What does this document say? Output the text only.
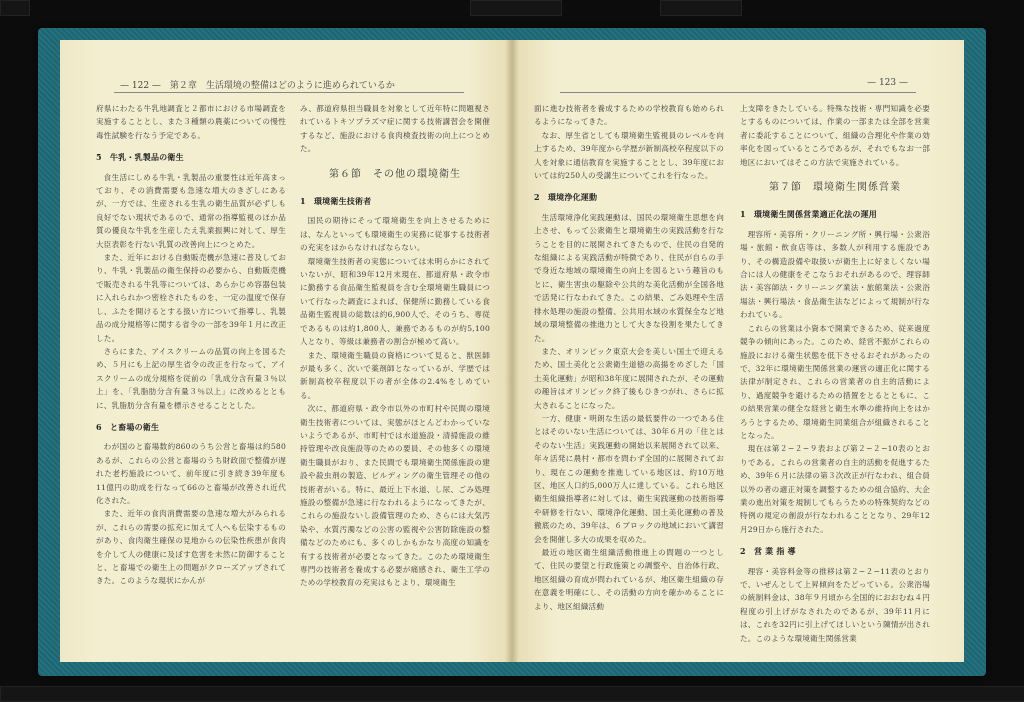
— 122 —　第２章　生活環境の整備はどのように進められているか

府県にわたる牛乳地調査と２都市における市場調査を実施することとし、また３種類の農薬についての慢性毒性試験を行なう予定である。

5　牛乳・乳製品の衛生

食生活にしめる牛乳・乳製品の重要性は近年高まっており、その消費需要も急速な増大のきざしにあるが、一方では、生産される生乳の衛生品質が必ずしも良好でない現状であるので、通常の指導監視のほか品質の優良な牛乳を生産したえ乳業振興に対して、厚生大臣表彰を行ない乳質の改善向上につとめた。

また、近年における自動販売機が急速に普及しており、牛乳・乳製品の衛生保持の必要から、自動販売機で販売される牛乳等については、あらかじめ容器包装に入れられかつ密栓されたものを、一定の温度で保存し、ふたを開けるとする扱い方について指導し、乳製品の成分規格等に関する省令の一部を39年１月に改正した。

さらにまた、アイスクリームの品質の向上を図るため、５月にも上記の厚生省令の改正を行なって、アイスクリームの成分規格を従前の「乳成分含有量３％以上」を、「乳脂肪分含有量３％以上」に改めるとともに、乳脂肪分含有量を標示させることとした。

6　と畜場の衛生

わが国のと畜場数約860のうち公営と畜場は約580あるが、これらの公営と畜場のうち財政面で整備が遅れた老朽施設について、前年度に引き続き39年度も11億円の助成を行なって66のと畜場が改善され近代化された。

また、近年の食肉消費需要の急速な増大がみられるが、これらの需要の拡充に加えて人へも伝染するものがあり、食肉衛生確保の見地からの伝染性疾患が食肉を介して人の健康に及ぼす危害を未然に防御することと、と畜場での衛生上の問題がクローズアップされてきた。このような現状にかんが

み、都道府県担当職員を対象として近年特に問題視されているトキソプラズマ症に関する技術講習会を開催するなど、施設における食肉検査技術の向上につとめた。

第６節　その他の環境衛生
1　環境衛生技術者

国民の期待にそって環境衛生を向上させるためには、なんといっても環境衛生の実務に従事する技術者の充実をはからなければならない。

環境衛生技術者の実態については未明らかにされていないが、昭和39年12月末現在、都道府県・政令市に勤務する食品衛生監視員を含む全環境衛生職員について行なった調査によれば、保健所に勤務している食品衛生監視員の総数は約6,900人で、そのうち、専従であるものは約1,800人、兼務であるものが約5,100人となり、等級は兼務者の割合が極めて高い。

また、環境衛生職員の資格について見ると、獣医師が最も多く、次いで薬剤師となっているが、学歴では新制高校卒程度以下の者が全体の2.4%をしめている。

次に、都道府県・政令市以外の市町村や民間の環境衛生技術者については、実態がほとんどわかっていないようであるが、市町村では水道施設・清掃施設の維持管理や改良施設等のための要員、その他多くの環境衛生職員がおり、また民間でも環境衛生関係施設の建設や殺虫剤の製造、ビルディングの衛生管理その他の技術者がいる。特に、最近上下水道、し尿、ごみ処理施設の整備が急速に行なわれるようになってきたが、これらの施設ないし設備管理のため、さらには大気汚染や、水質汚濁などの公害の監視や公害防除施設の整備などのためにも、多くのしかもかなり高度の知識を有する技術者が必要となってきた。このため環境衛生専門の技術者を養成する必要が痛感され、衛生工学のための学校教育の充実はもとより、環境衛生

— 123 —

面に進む技術者を養成するための学校教育も始められるようになってきた。

なお、厚生省としても環境衛生監視員のレベルを向上するため、39年度から学歴が新制高校卒程度以下の人を対象に通信教育を実施することとし、39年度においては約250人の受講生についてこれを行なった。

2　環境浄化運動

生活環境浄化実践運動は、国民の環境衛生思想を向上させ、もって公衆衛生と環境衛生の実践活動を行なうことを目的に展開されてきたもので、住民の自発的な組織による実践活動が特徴であり、住民が自らの手で身近な地域の環境衛生の向上を図るという趣旨のもとに、衛生害虫の駆除や公共的な美化活動が全国各地で活発に行なわれてきた。この結果、ごみ処理や生活排水処理の施設の整備、公共用水域の水質保全など地域の環境整備の推進力として大きな役割を果たしてきた。

また、オリンピック東京大会を美しい国土で迎えるため、国土美化と公衆衛生道徳の高揚をめざした「国土美化運動」が昭和38年度に展開されたが、その運動の趣旨はオリンピック終了後もひきつがれ、さらに拡大されることになった。

一方、健康・明朗な生活の最低要件の一つである住とはそのいない生活については、30年６月の「住とはそのない生活」実践運動の開始以来展開されて以来、年々活発に農村・都市を問わず全国的に展開されており、現在この運動を推進している地区は、約10万地区、地区人口約5,000万人に達している。これら地区衛生組織指導者に対しては、衛生実践運動の技術指導や研修を行ない、環境浄化運動、国土美化運動の普及徹底のため、39年は、６ブロックの地域において講習会を開催し多大の成果を収めた。

最近の地区衛生組織活動推進上の問題の一つとして、住民の要望と行政施策との調整や、自治体行政、地区組織の育成が問われているが、地区衛生組織の存在意義を明確にし、その活動の方向を確かめることにより、地区組織活動

上支障をきたしている。特殊な技術・専門知識を必要とするものについては、作業の一部または全部を営業者に委託することについて、組織の合理化や作業の効率化を図っているところであるが、それでもなお一部地区においてはそこの方法で実施されている。

第７節　環境衛生関係営業
1　環境衛生関係営業適正化法の運用

理容所・美容所・クリーニング所・興行場・公衆浴場・旅館・飲食店等は、多数人が利用する施設であり、その構造設備や取扱いが衛生上に好ましくない場合には人の健康をそこなうおそれがあるので、理容師法・美容師法・クリーニング業法・旅館業法・公衆浴場法・興行場法・食品衛生法などによって規制が行なわれている。

これらの営業は小資本で開業できるため、従来過度競争の傾向にあった。このため、経営不振がこれらの施設における衛生状態を低下させるおそれがあったので、32年に環境衛生関係営業の運営の適正化に関する法律が制定され、これらの営業者の自主的活動により、過度競争を避けるための措置をとるとともに、この結果営業の健全な経営と衛生水準の維持向上をはかろうとするため、環境衛生同業組合が組織されることとなった。

現在は第２−２−９表および第２−２−10表のとおりである。これらの営業者の自主的活動を促進するため、39年６月に法律の第３次改正が行なわれ、組合員以外の者の適正対策を調整するための組合協約、大企業の進出対策を規制してもらうための特殊契約などの特例の規定の創設が行なわれることとなり、29年12月29日から施行された。

2　営 業 指 導

理容・美容料金等の推移は第２−２−11表のとおりで、いぜんとして上昇傾向をたどっている。公衆浴場の統制料金は、38年９月頃から全国的におおむね４円程度の引上げがなされたのであるが、39年11月には、これを32円に引上げてほしいという陳情が出された。このような環境衛生関係営業
